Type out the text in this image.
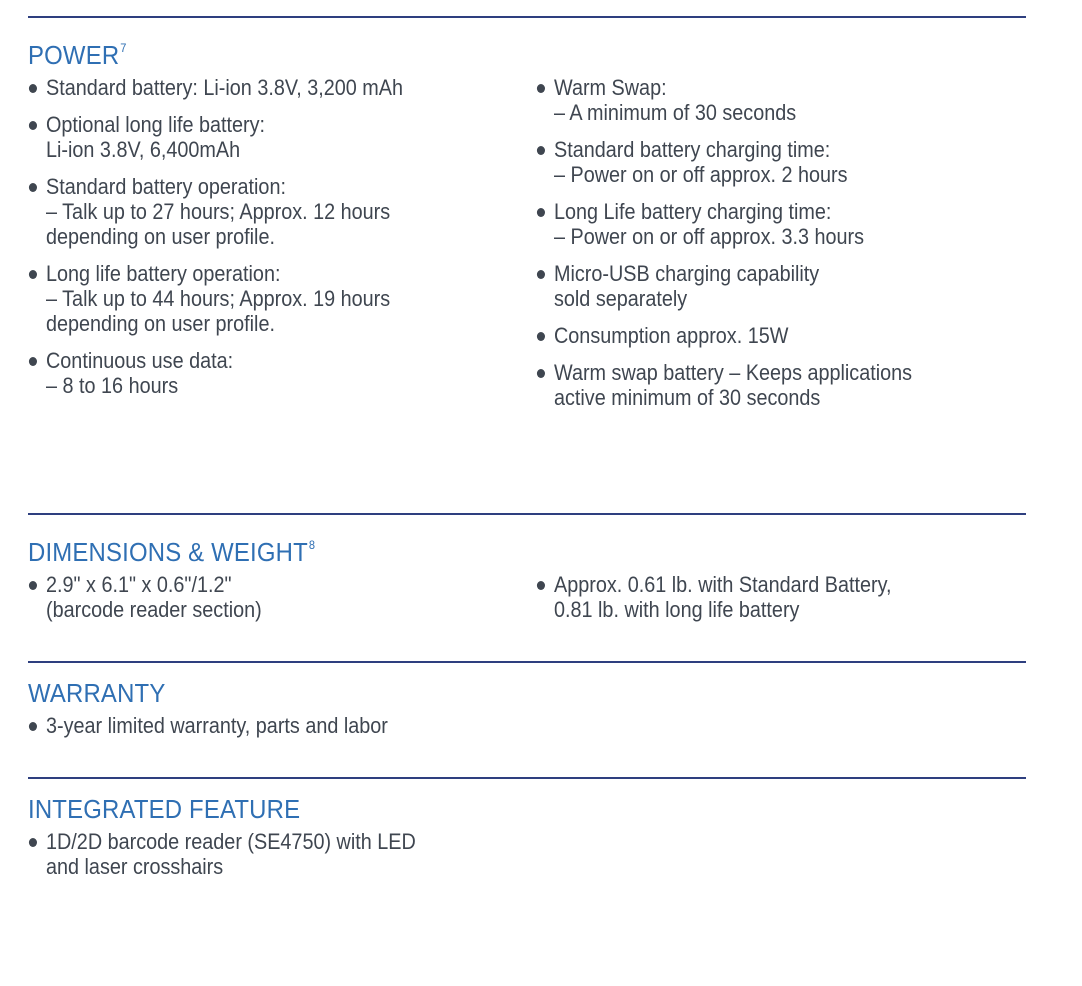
POWER$^7$
Standard battery: Li-ion 3.8V, 3,200 mAh
Optional long life battery:
Li-ion 3.8V, 6,400mAh
Standard battery operation:
– Talk up to 27 hours; Approx. 12 hours
depending on user profile.
Long life battery operation:
– Talk up to 44 hours; Approx. 19 hours
depending on user profile.
Continuous use data:
– 8 to 16 hours
Warm Swap:
– A minimum of 30 seconds
Standard battery charging time:
– Power on or off approx. 2 hours
Long Life battery charging time:
– Power on or off approx. 3.3 hours
Micro-USB charging capability
sold separately
Consumption approx. 15W
Warm swap battery – Keeps applications
active minimum of 30 seconds
DIMENSIONS & WEIGHT$^8$
2.9" x 6.1" x 0.6"/1.2"
(barcode reader section)
Approx. 0.61 lb. with Standard Battery,
0.81 lb. with long life battery
WARRANTY
3-year limited warranty, parts and labor
INTEGRATED FEATURE
1D/2D barcode reader (SE4750) with LED
and laser crosshairs
